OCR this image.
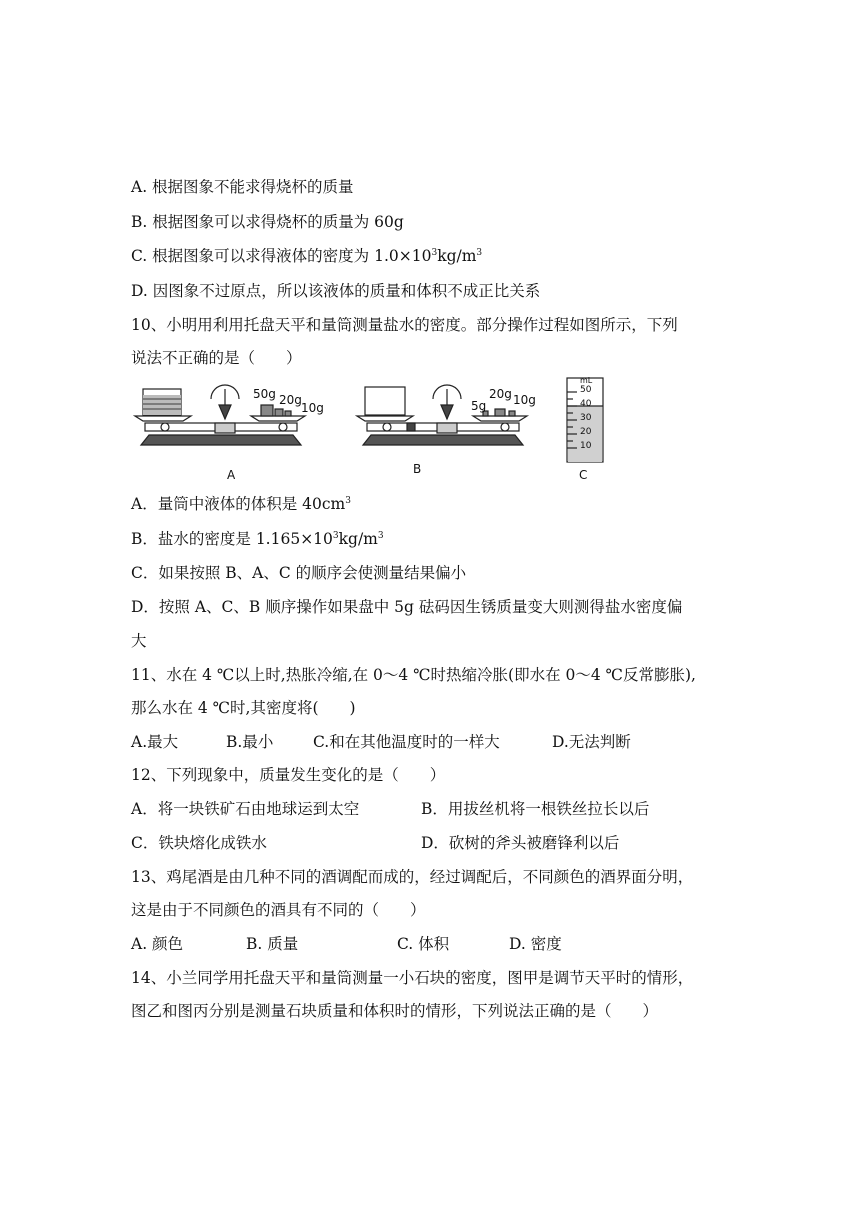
A. 根据图象不能求得烧杯的质量
B. 根据图象可以求得烧杯的质量为 60g
C. 根据图象可以求得液体的密度为 $1.0\times 10^3kg/m^3$
D. 因图象不过原点，所以该液体的质量和体积不成正比关系
10、小明用利用托盘天平和量筒测量盐水的密度。部分操作过程如图所示，下列
说法不正确的是（　　）
50g 20g
10g
A
5g
20g 10g
B
mL
50
40
30
20
10
C
A．量筒中液体的体积是 $40cm^3$
B．盐水的密度是 $1.165\times 10^3kg/m^3$
C．如果按照 B、A、C 的顺序会使测量结果偏小
D．按照 A、C、B 顺序操作如果盘中 5g 砝码因生锈质量变大则测得盐水密度偏
大
11、水在 4 ℃以上时,热胀冷缩,在 0～4 ℃时热缩冷胀(即水在 0～4 ℃反常膨胀),
那么水在 4 ℃时,其密度将(　　)
A.最大	B.最小	C.和在其他温度时的一样大	D.无法判断
12、下列现象中，质量发生变化的是（　　）
A．将一块铁矿石由地球运到太空	B．用拔丝机将一根铁丝拉长以后
C．铁块熔化成铁水	D．砍树的斧头被磨锋利以后
13、鸡尾酒是由几种不同的酒调配而成的，经过调配后，不同颜色的酒界面分明，
这是由于不同颜色的酒具有不同的（　　）
A. 颜色	B. 质量	C. 体积	D. 密度
14、小兰同学用托盘天平和量筒测量一小石块的密度，图甲是调节天平时的情形，
图乙和图丙分别是测量石块质量和体积时的情形，下列说法正确的是（　　）
